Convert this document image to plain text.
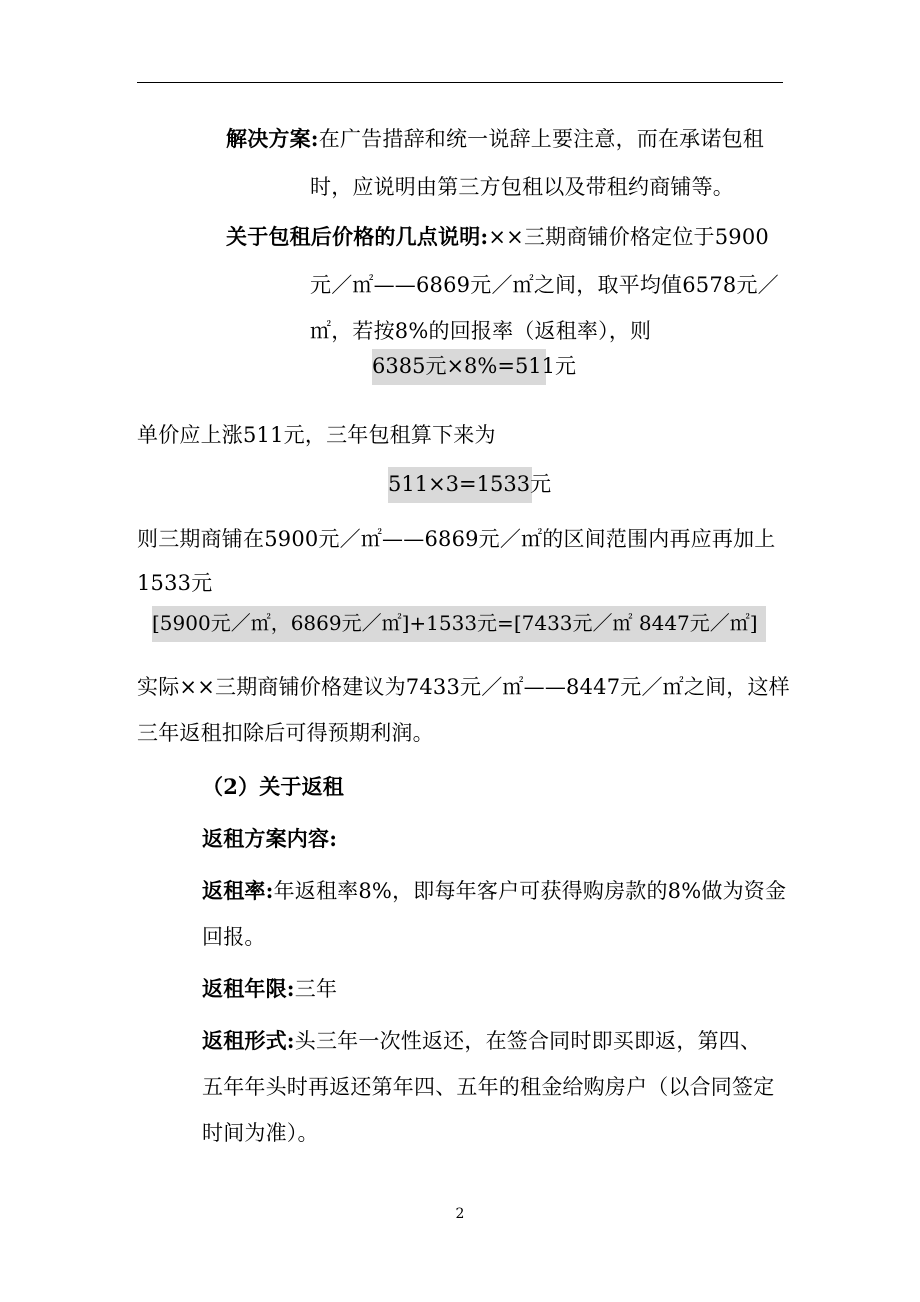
解决方案:在广告措辞和统一说辞上要注意，而在承诺包租
时，应说明由第三方包租以及带租约商铺等。
关于包租后价格的几点说明:××三期商铺价格定位于5900
元／㎡——6869元／㎡之间，取平均值6578元／
㎡，若按8%的回报率（返租率），则
6385元×8%=511元
单价应上涨511元，三年包租算下来为
511×3=1533元
则三期商铺在5900元／㎡——6869元／㎡的区间范围内再应再加上
1533元
[5900元／㎡，6869元／㎡]+1533元=[7433元／㎡ 8447元／㎡]
实际××三期商铺价格建议为7433元／㎡——8447元／㎡之间，这样
三年返租扣除后可得预期利润。
（2）关于返租
返租方案内容:
返租率:年返租率8%，即每年客户可获得购房款的8%做为资金
回报。
返租年限:三年
返租形式:头三年一次性返还，在签合同时即买即返，第四、
五年年头时再返还第年四、五年的租金给购房户（以合同签定
时间为准）。
2
